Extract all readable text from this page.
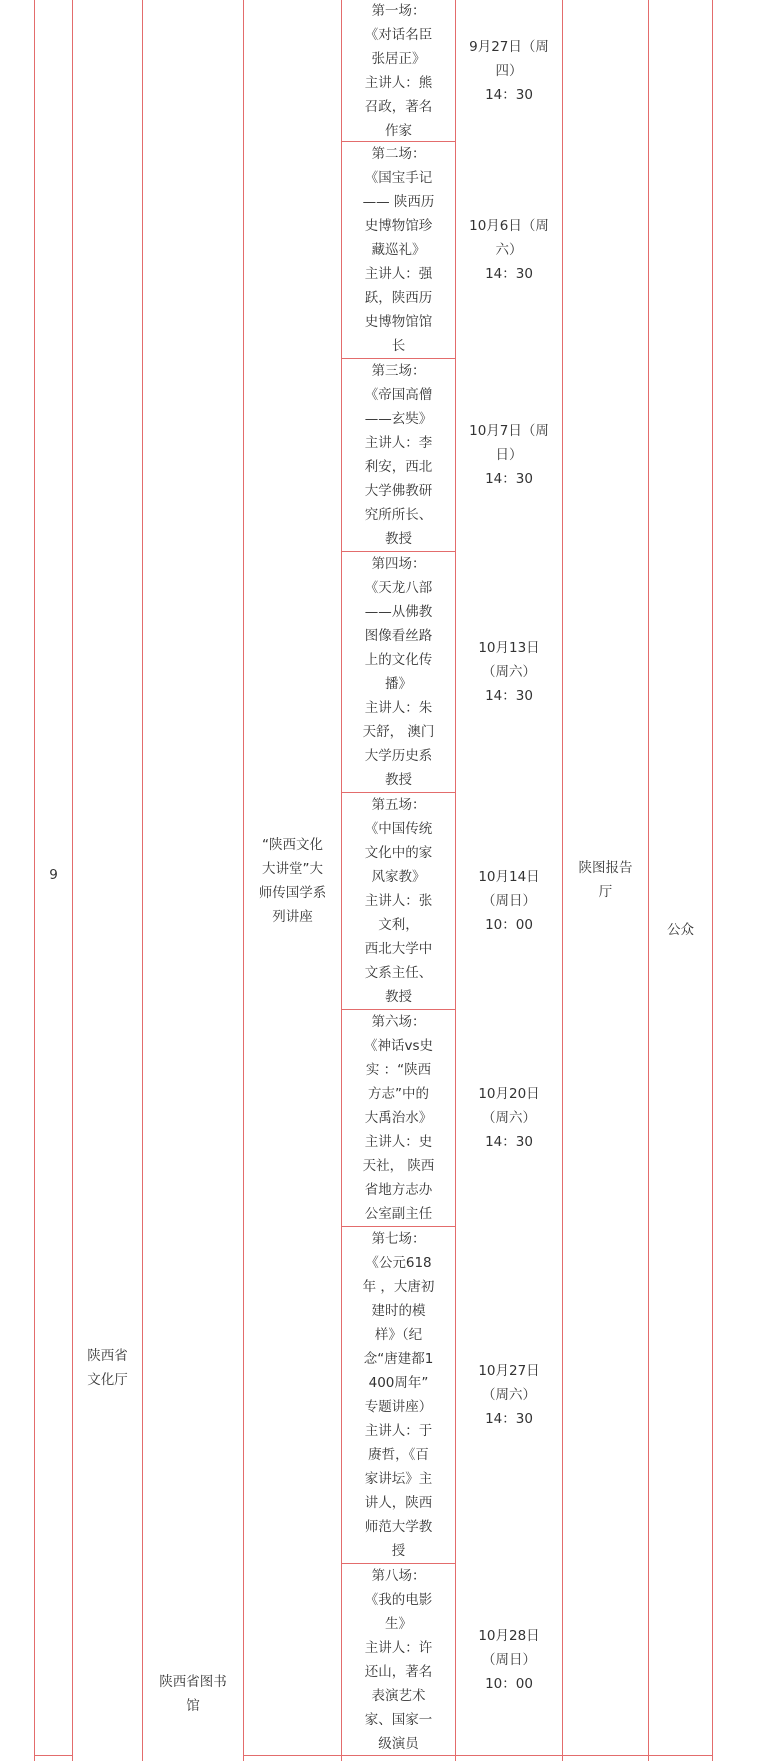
9
陕西省
文化厅
陕西省图书
馆
“陕西文化
大讲堂”大
师传国学系
列讲座
陕图报告
厅
公众
第一场：
《对话名臣
张居正》
主讲人：熊
召政，著名
作家
9月27日（周
四）
14：30
第二场：
《国宝手记
—— 陕西历
史博物馆珍
藏巡礼》
主讲人：强
跃，陕西历
史博物馆馆
长
10月6日（周
六）
14：30
第三场：
《帝国高僧
——玄奘》
主讲人：李
利安，西北
大学佛教研
究所所长、
教授
10月7日（周
日）
14：30
第四场：
《天龙八部
——从佛教
图像看丝路
上的文化传
播》
主讲人：朱
天舒， 澳门
大学历史系
教授
10月13日
（周六）
14：30
第五场：
《中国传统
文化中的家
风家教》
主讲人：张
文利，
西北大学中
文系主任、
教授
10月14日
（周日）
10：00
第六场：
《神话vs史
实 ：“陕西
方志”中的
大禹治水》
主讲人：史
天社， 陕西
省地方志办
公室副主任
10月20日
（周六）
14：30
第七场：
《公元618
年 ，大唐初
建时的模
样》（纪
念“唐建都1
400周年”
专题讲座）
主讲人：于
赓哲，《百
家讲坛》主
讲人，陕西
师范大学教
授
10月27日
（周六）
14：30
第八场：
《我的电影
生》
主讲人：许
还山，著名
表演艺术
家、国家一
级演员
10月28日
（周日）
10：00
